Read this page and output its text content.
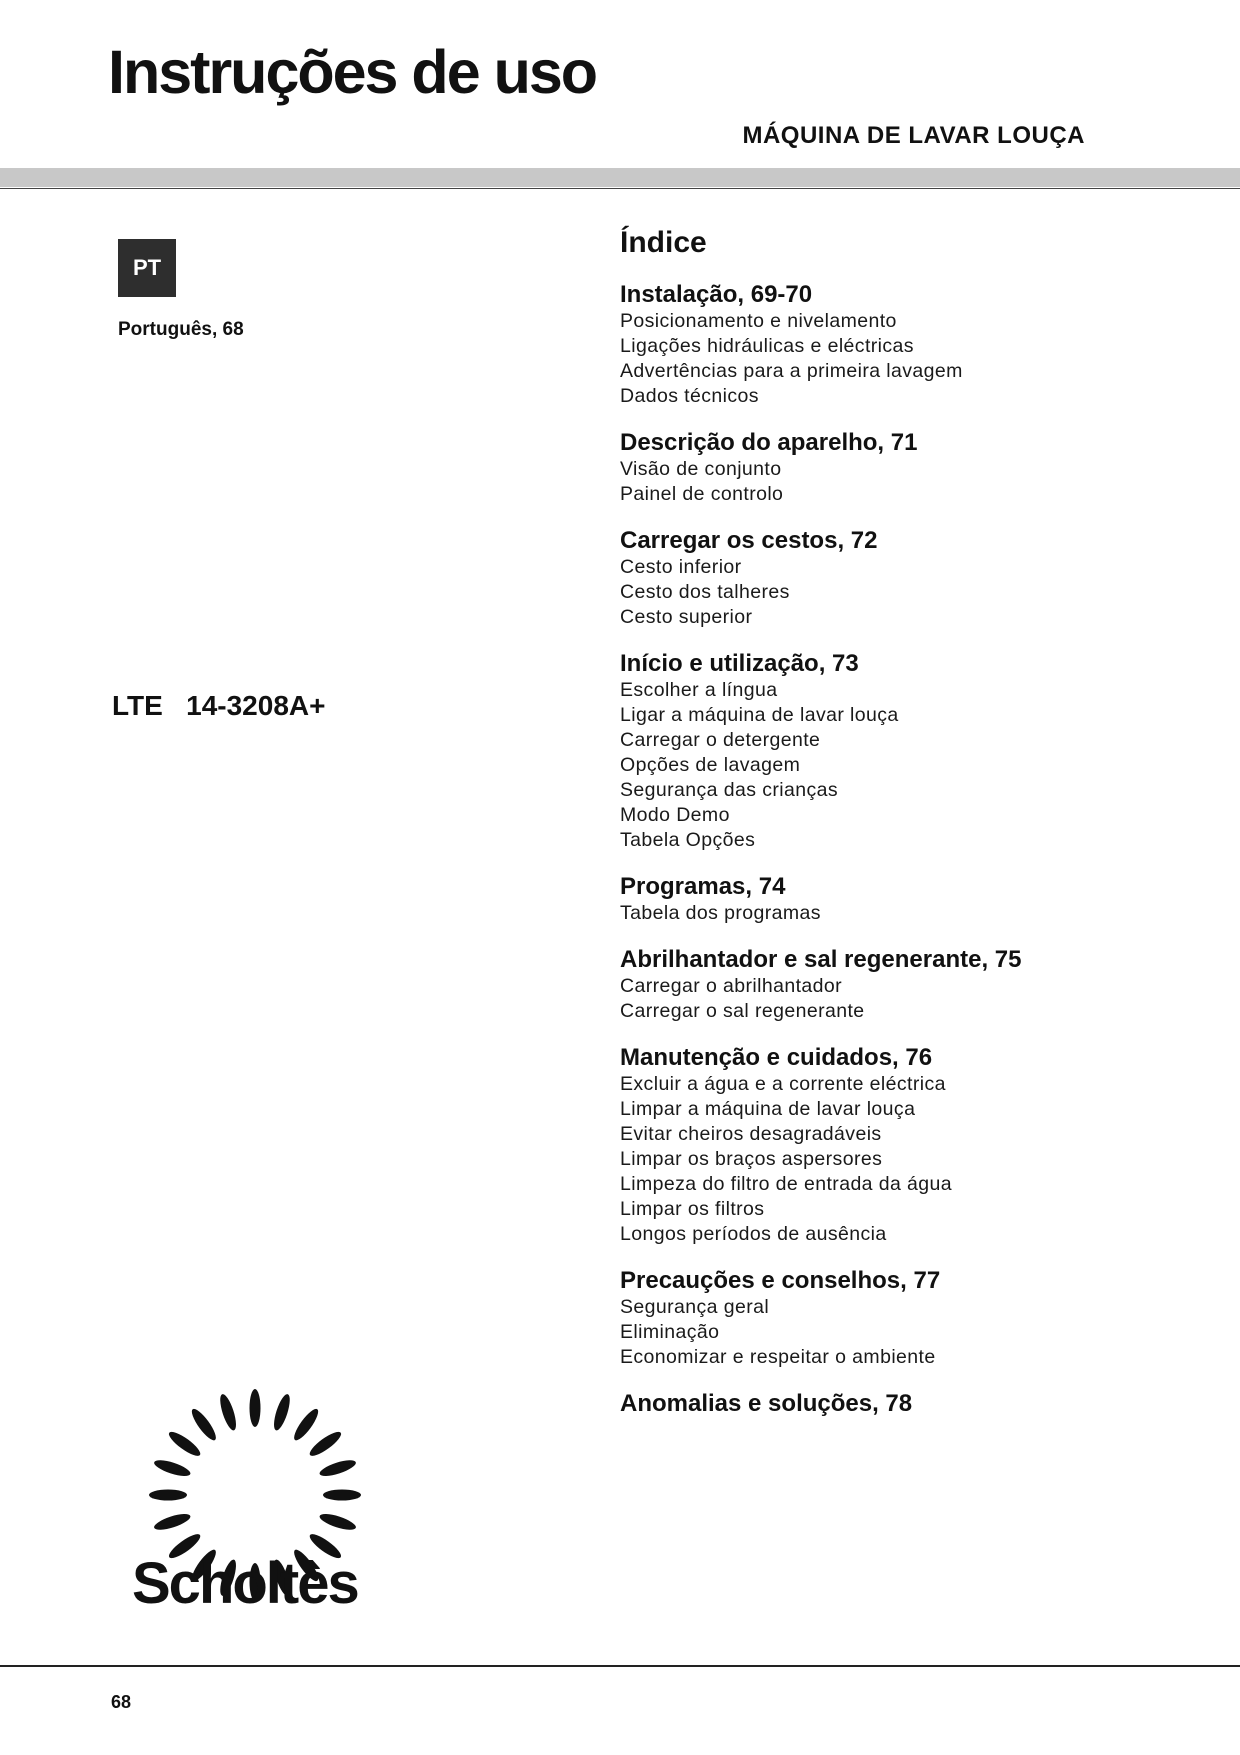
Instruções de uso
MÁQUINA DE LAVAR LOUÇA
PT
Português, 68
LTE   14-3208A+
Scholtès
Índice
Instalação, 69-70
Posicionamento e nivelamento
Ligações hidráulicas e eléctricas
Advertências para a primeira lavagem
Dados técnicos
Descrição do aparelho, 71
Visão de conjunto
Painel de controlo
Carregar os cestos, 72
Cesto inferior
Cesto dos talheres
Cesto superior
Início e utilização, 73
Escolher a língua
Ligar a máquina de lavar louça
Carregar o detergente
Opções de lavagem
Segurança das crianças
Modo Demo
Tabela Opções
Programas, 74
Tabela dos programas
Abrilhantador e sal regenerante, 75
Carregar o abrilhantador
Carregar o sal regenerante
Manutenção e cuidados, 76
Excluir a água e a corrente eléctrica
Limpar a máquina de lavar louça
Evitar cheiros desagradáveis
Limpar os braços aspersores
Limpeza do filtro de entrada da água
Limpar os filtros
Longos períodos de ausência
Precauções e conselhos, 77
Segurança geral
Eliminação
Economizar e respeitar o ambiente
Anomalias e soluções, 78
68
